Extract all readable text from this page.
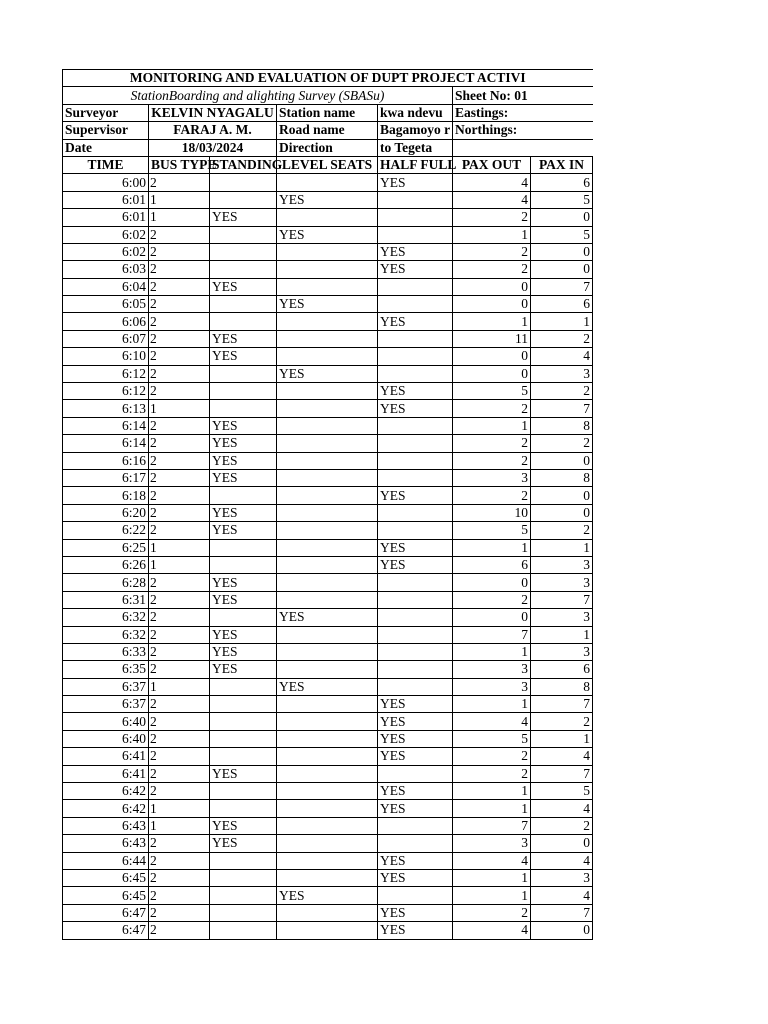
MONITORING AND EVALUATION OF DUPT PROJECT ACTIVI						
StationBoarding and alighting Survey (SBASu)					Sheet No: 01	
Surveyor	KELVIN NYAGALU		Station name	kwa ndevu	Eastings:	
Supervisor	FARAJ A. M.		Road name	Bagamoyo r	Northings:	
Date	18/03/2024		Direction	to Tegeta		
TIME	BUS TYPE	STANDING	LEVEL SEATS	HALF FULL	PAX OUT	PAX IN
6:00	2			YES	4	6
6:01	1		YES		4	5
6:01	1	YES			2	0
6:02	2		YES		1	5
6:02	2			YES	2	0
6:03	2			YES	2	0
6:04	2	YES			0	7
6:05	2		YES		0	6
6:06	2			YES	1	1
6:07	2	YES			11	2
6:10	2	YES			0	4
6:12	2		YES		0	3
6:12	2			YES	5	2
6:13	1			YES	2	7
6:14	2	YES			1	8
6:14	2	YES			2	2
6:16	2	YES			2	0
6:17	2	YES			3	8
6:18	2			YES	2	0
6:20	2	YES			10	0
6:22	2	YES			5	2
6:25	1			YES	1	1
6:26	1			YES	6	3
6:28	2	YES			0	3
6:31	2	YES			2	7
6:32	2		YES		0	3
6:32	2	YES			7	1
6:33	2	YES			1	3
6:35	2	YES			3	6
6:37	1		YES		3	8
6:37	2			YES	1	7
6:40	2			YES	4	2
6:40	2			YES	5	1
6:41	2			YES	2	4
6:41	2	YES			2	7
6:42	2			YES	1	5
6:42	1			YES	1	4
6:43	1	YES			7	2
6:43	2	YES			3	0
6:44	2			YES	4	4
6:45	2			YES	1	3
6:45	2		YES		1	4
6:47	2			YES	2	7
6:47	2			YES	4	0
